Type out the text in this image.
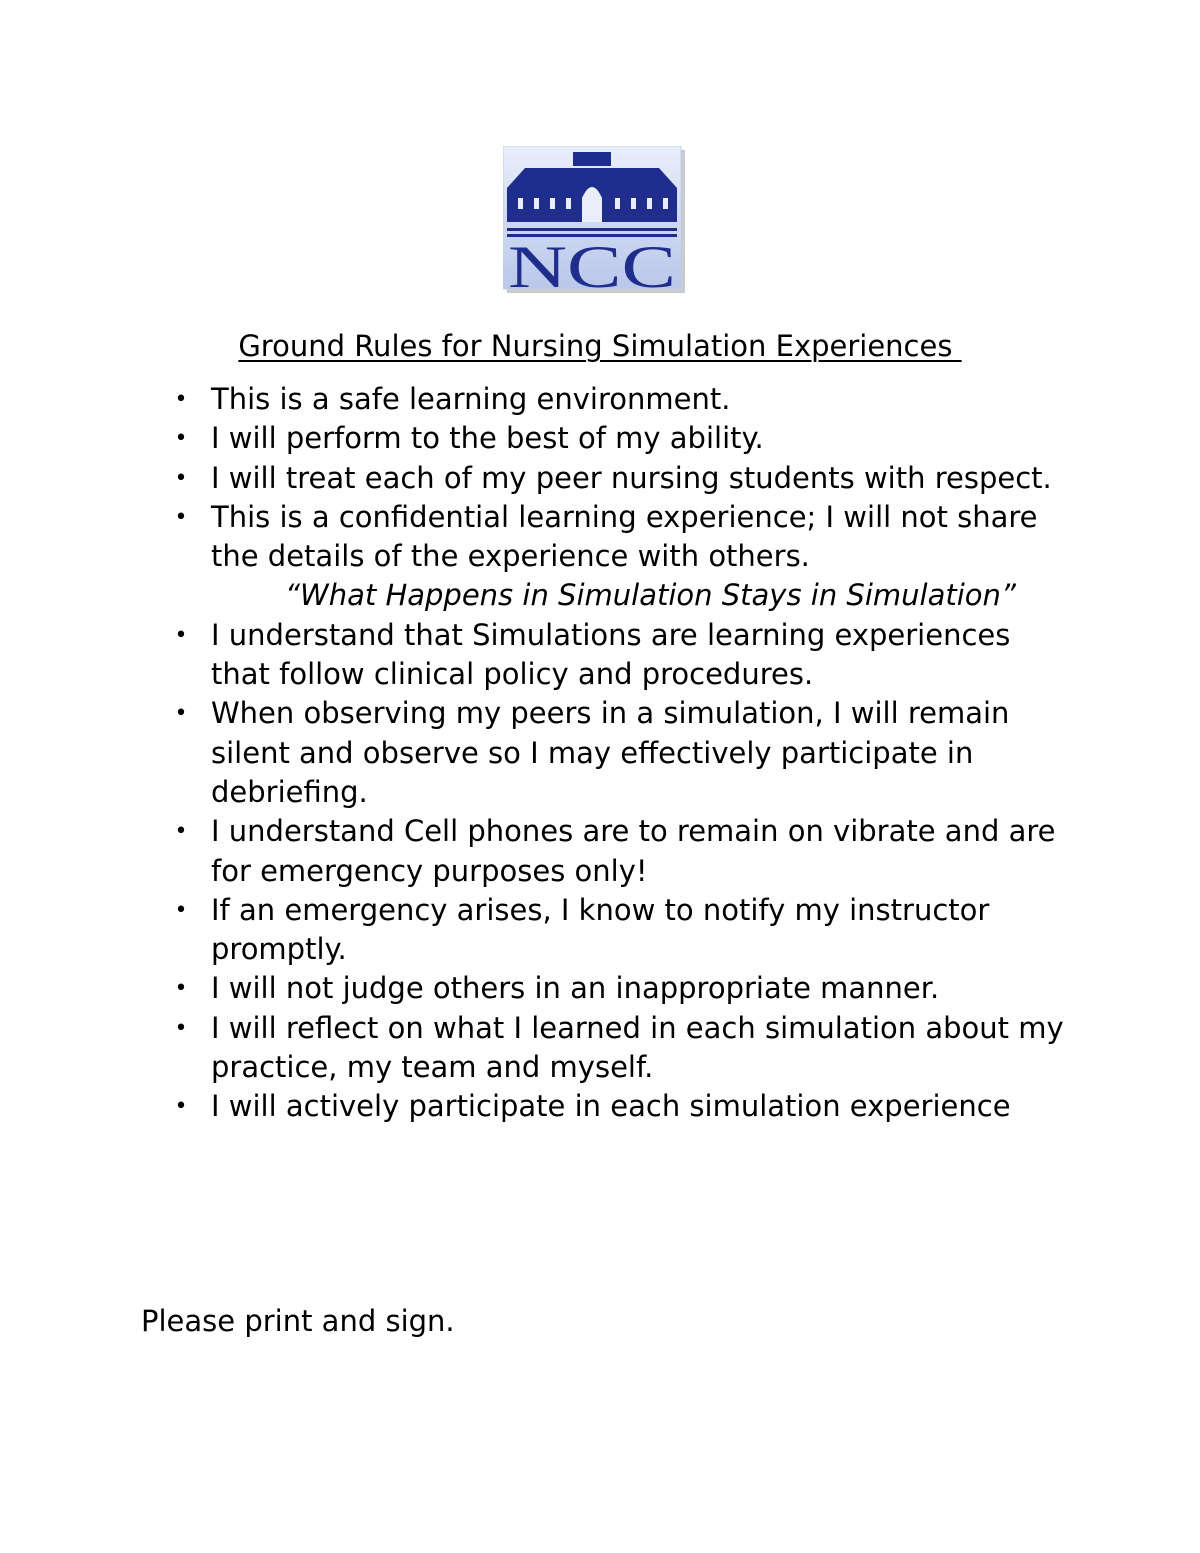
NCC
Ground Rules for Nursing Simulation Experiences
• This is a safe learning environment.
• I will perform to the best of my ability.
• I will treat each of my peer nursing students with respect.
• This is a confidential learning experience; I will not share the details of the experience with others.
“What Happens in Simulation Stays in Simulation”
• I understand that Simulations are learning experiences that follow clinical policy and procedures.
• When observing my peers in a simulation, I will remain silent and observe so I may effectively participate in debriefing.
• I understand Cell phones are to remain on vibrate and are for emergency purposes only!
• If an emergency arises, I know to notify my instructor promptly.
• I will not judge others in an inappropriate manner.
• I will reflect on what I learned in each simulation about my practice, my team and myself.
• I will actively participate in each simulation experience

Please print and sign.
